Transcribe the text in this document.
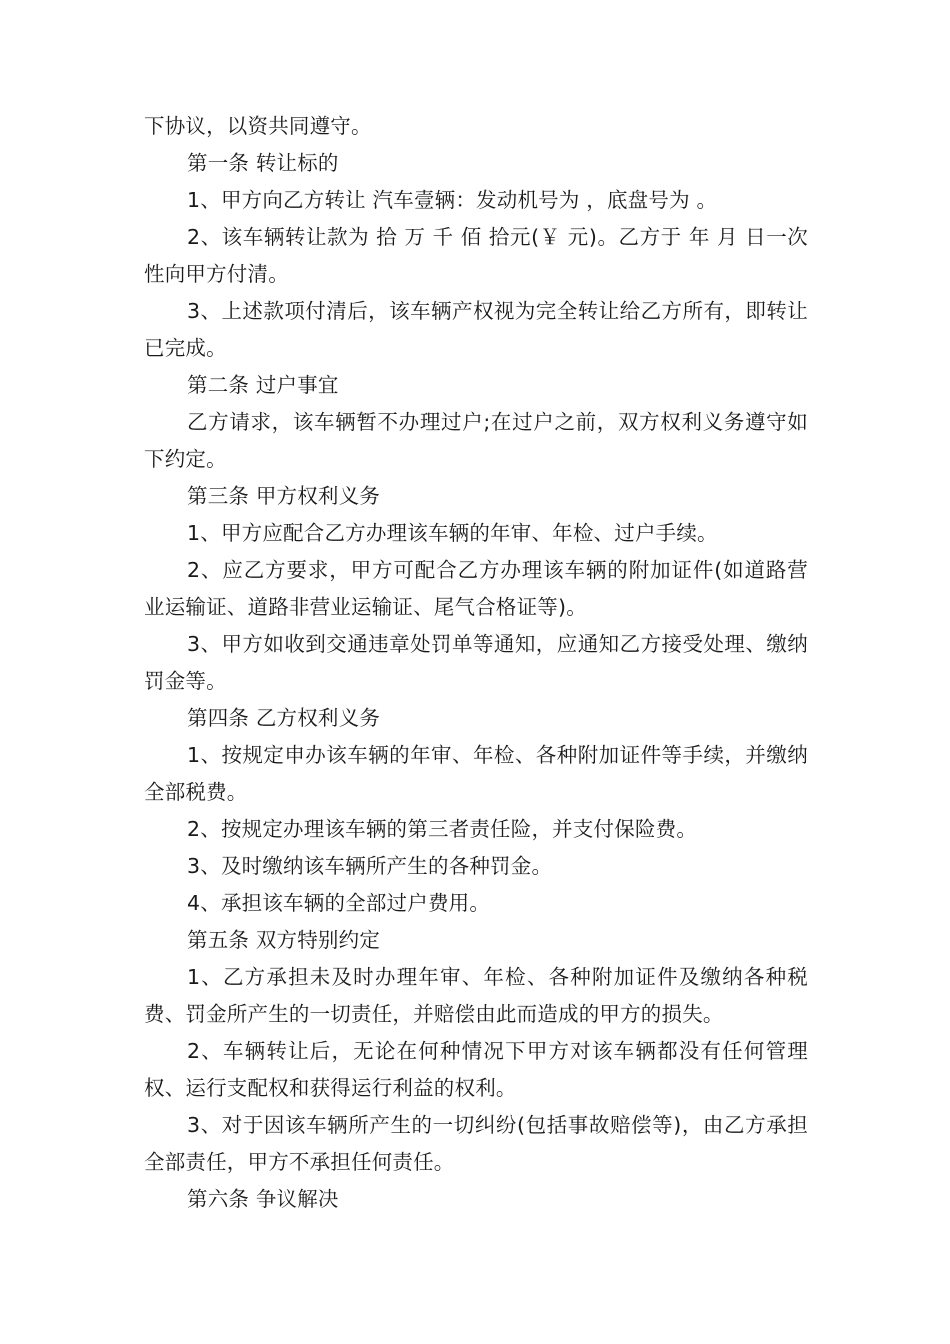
下协议，以资共同遵守。

第一条 转让标的

1、甲方向乙方转让 汽车壹辆：发动机号为 ，底盘号为 。

2、该车辆转让款为 拾 万 千 佰 拾元(￥ 元)。乙方于 年 月 日一次性向甲方付清。

3、上述款项付清后，该车辆产权视为完全转让给乙方所有，即转让已完成。

第二条 过户事宜

乙方请求，该车辆暂不办理过户;在过户之前，双方权利义务遵守如下约定。

第三条 甲方权利义务

1、甲方应配合乙方办理该车辆的年审、年检、过户手续。

2、应乙方要求，甲方可配合乙方办理该车辆的附加证件(如道路营业运输证、道路非营业运输证、尾气合格证等)。

3、甲方如收到交通违章处罚单等通知，应通知乙方接受处理、缴纳罚金等。

第四条 乙方权利义务

1、按规定申办该车辆的年审、年检、各种附加证件等手续，并缴纳全部税费。

2、按规定办理该车辆的第三者责任险，并支付保险费。

3、及时缴纳该车辆所产生的各种罚金。

4、承担该车辆的全部过户费用。

第五条 双方特别约定

1、乙方承担未及时办理年审、年检、各种附加证件及缴纳各种税费、罚金所产生的一切责任，并赔偿由此而造成的甲方的损失。

2、车辆转让后，无论在何种情况下甲方对该车辆都没有任何管理权、运行支配权和获得运行利益的权利。

3、对于因该车辆所产生的一切纠纷(包括事故赔偿等)，由乙方承担全部责任，甲方不承担任何责任。

第六条 争议解决
